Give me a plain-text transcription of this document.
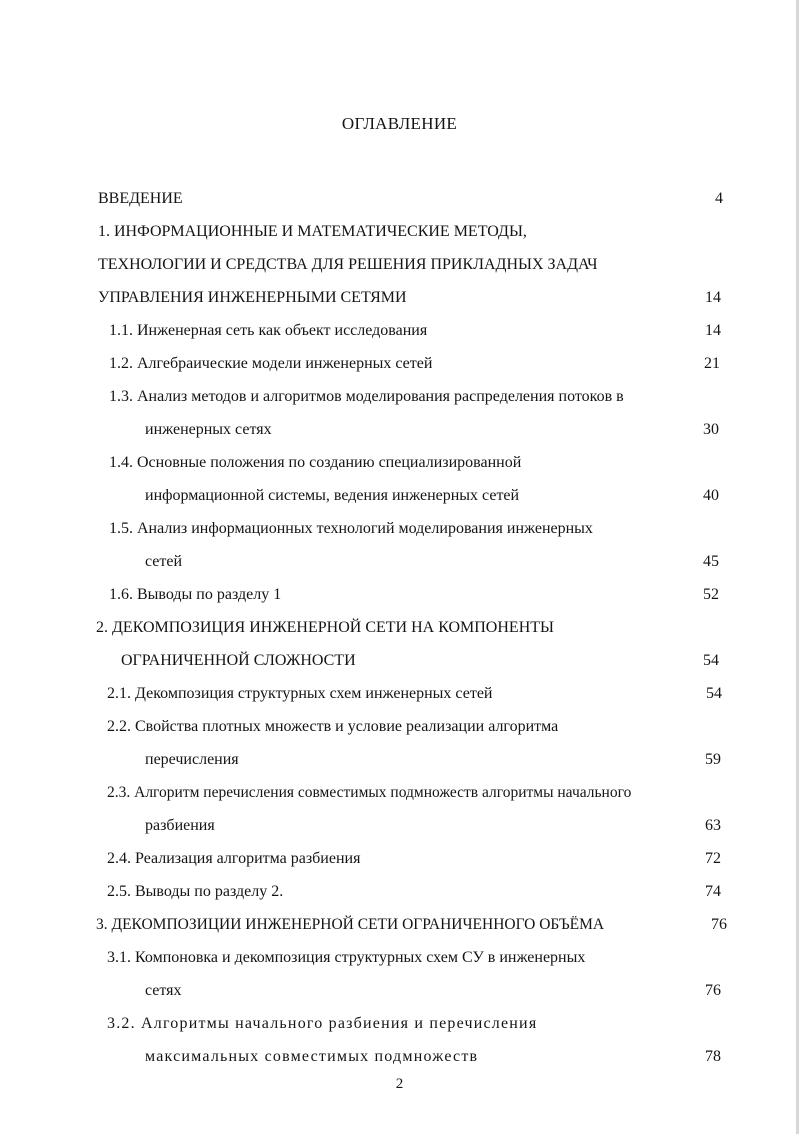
ОГЛАВЛЕНИЕ
ВВЕДЕНИЕ	4
1. ИНФОРМАЦИОННЫЕ И МАТЕМАТИЧЕСКИЕ МЕТОДЫ,
ТЕХНОЛОГИИ И СРЕДСТВА ДЛЯ РЕШЕНИЯ ПРИКЛАДНЫХ ЗАДАЧ
УПРАВЛЕНИЯ ИНЖЕНЕРНЫМИ СЕТЯМИ	14
1.1. Инженерная сеть как объект исследования	14
1.2. Алгебраические модели инженерных сетей	21
1.3. Анализ методов и алгоритмов моделирования распределения потоков в
инженерных сетях	30
1.4. Основные положения по созданию специализированной
информационной системы, ведения инженерных сетей	40
1.5. Анализ информационных технологий моделирования инженерных
сетей	45
1.6. Выводы по разделу 1	52
2. ДЕКОМПОЗИЦИЯ ИНЖЕНЕРНОЙ СЕТИ НА КОМПОНЕНТЫ
ОГРАНИЧЕННОЙ СЛОЖНОСТИ	54
2.1. Декомпозиция структурных схем инженерных сетей	54
2.2. Свойства плотных множеств и условие реализации алгоритма
перечисления	59
2.3. Алгоритм перечисления совместимых подмножеств алгоритмы начального
разбиения	63
2.4. Реализация алгоритма разбиения	72
2.5. Выводы по разделу 2.	74
3. ДЕКОМПОЗИЦИИ ИНЖЕНЕРНОЙ СЕТИ ОГРАНИЧЕННОГО ОБЪЁМА	76
3.1. Компоновка и декомпозиция структурных схем СУ в инженерных
сетях	76
3.2. Алгоритмы начального разбиения и перечисления
максимальных совместимых подмножеств	78
2
